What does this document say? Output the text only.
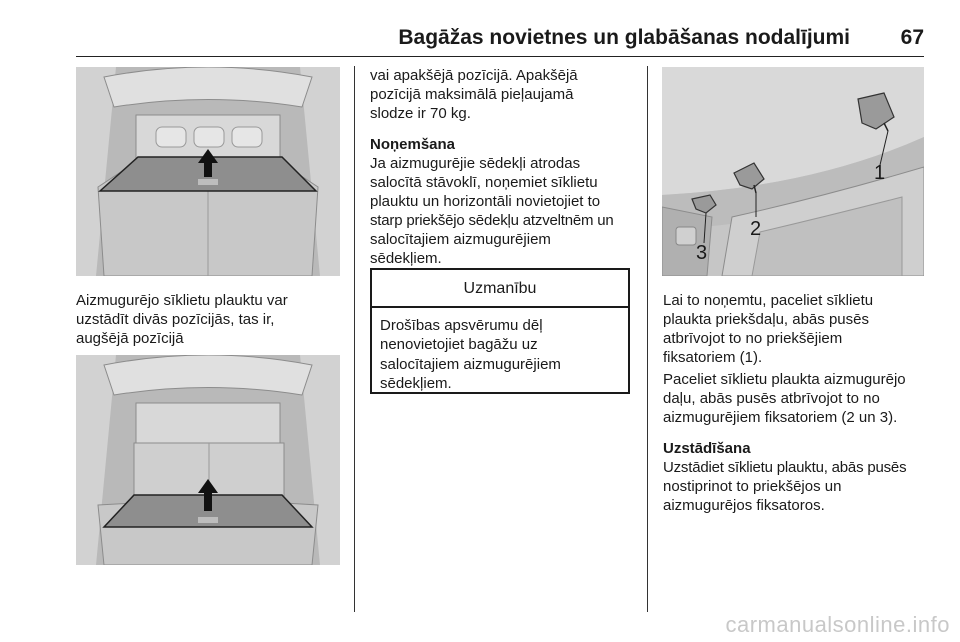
Bagāžas novietnes un glabāšanas nodalījumi 67

Aizmugurējo sīklietu plauktu var

uzstādīt divās pozīcijās, tas ir,

augšējā pozīcijā

vai apakšējā pozīcijā. Apakšējā

pozīcijā maksimālā pieļaujamā

slodze ir 70 kg.

Noņemšana

Ja aizmugurējie sēdekļi atrodas

salocītā stāvoklī, noņemiet sīklietu

plauktu un horizontāli novietojiet to

starp priekšējo sēdekļu atzveltnēm un

salocītajiem aizmugurējiem

sēdekļiem.

Uzmanību
Drošības apsvērumu dēļ
nenovietojiet bagāžu uz
salocītajiem aizmugurējiem
sēdekļiem.
1
2
3

Lai to noņemtu, paceliet sīklietu

plaukta priekšdaļu, abās pusēs

atbrīvojot to no priekšējiem

fiksatoriem (1).

Paceliet sīklietu plaukta aizmugurējo

daļu, abās pusēs atbrīvojot to no

aizmugurējiem fiksatoriem (2 un 3).

Uzstādīšana

Uzstādiet sīklietu plauktu, abās pusēs

nostiprinot to priekšējos un

aizmugurējos fiksatoros.

carmanualsonline.info
